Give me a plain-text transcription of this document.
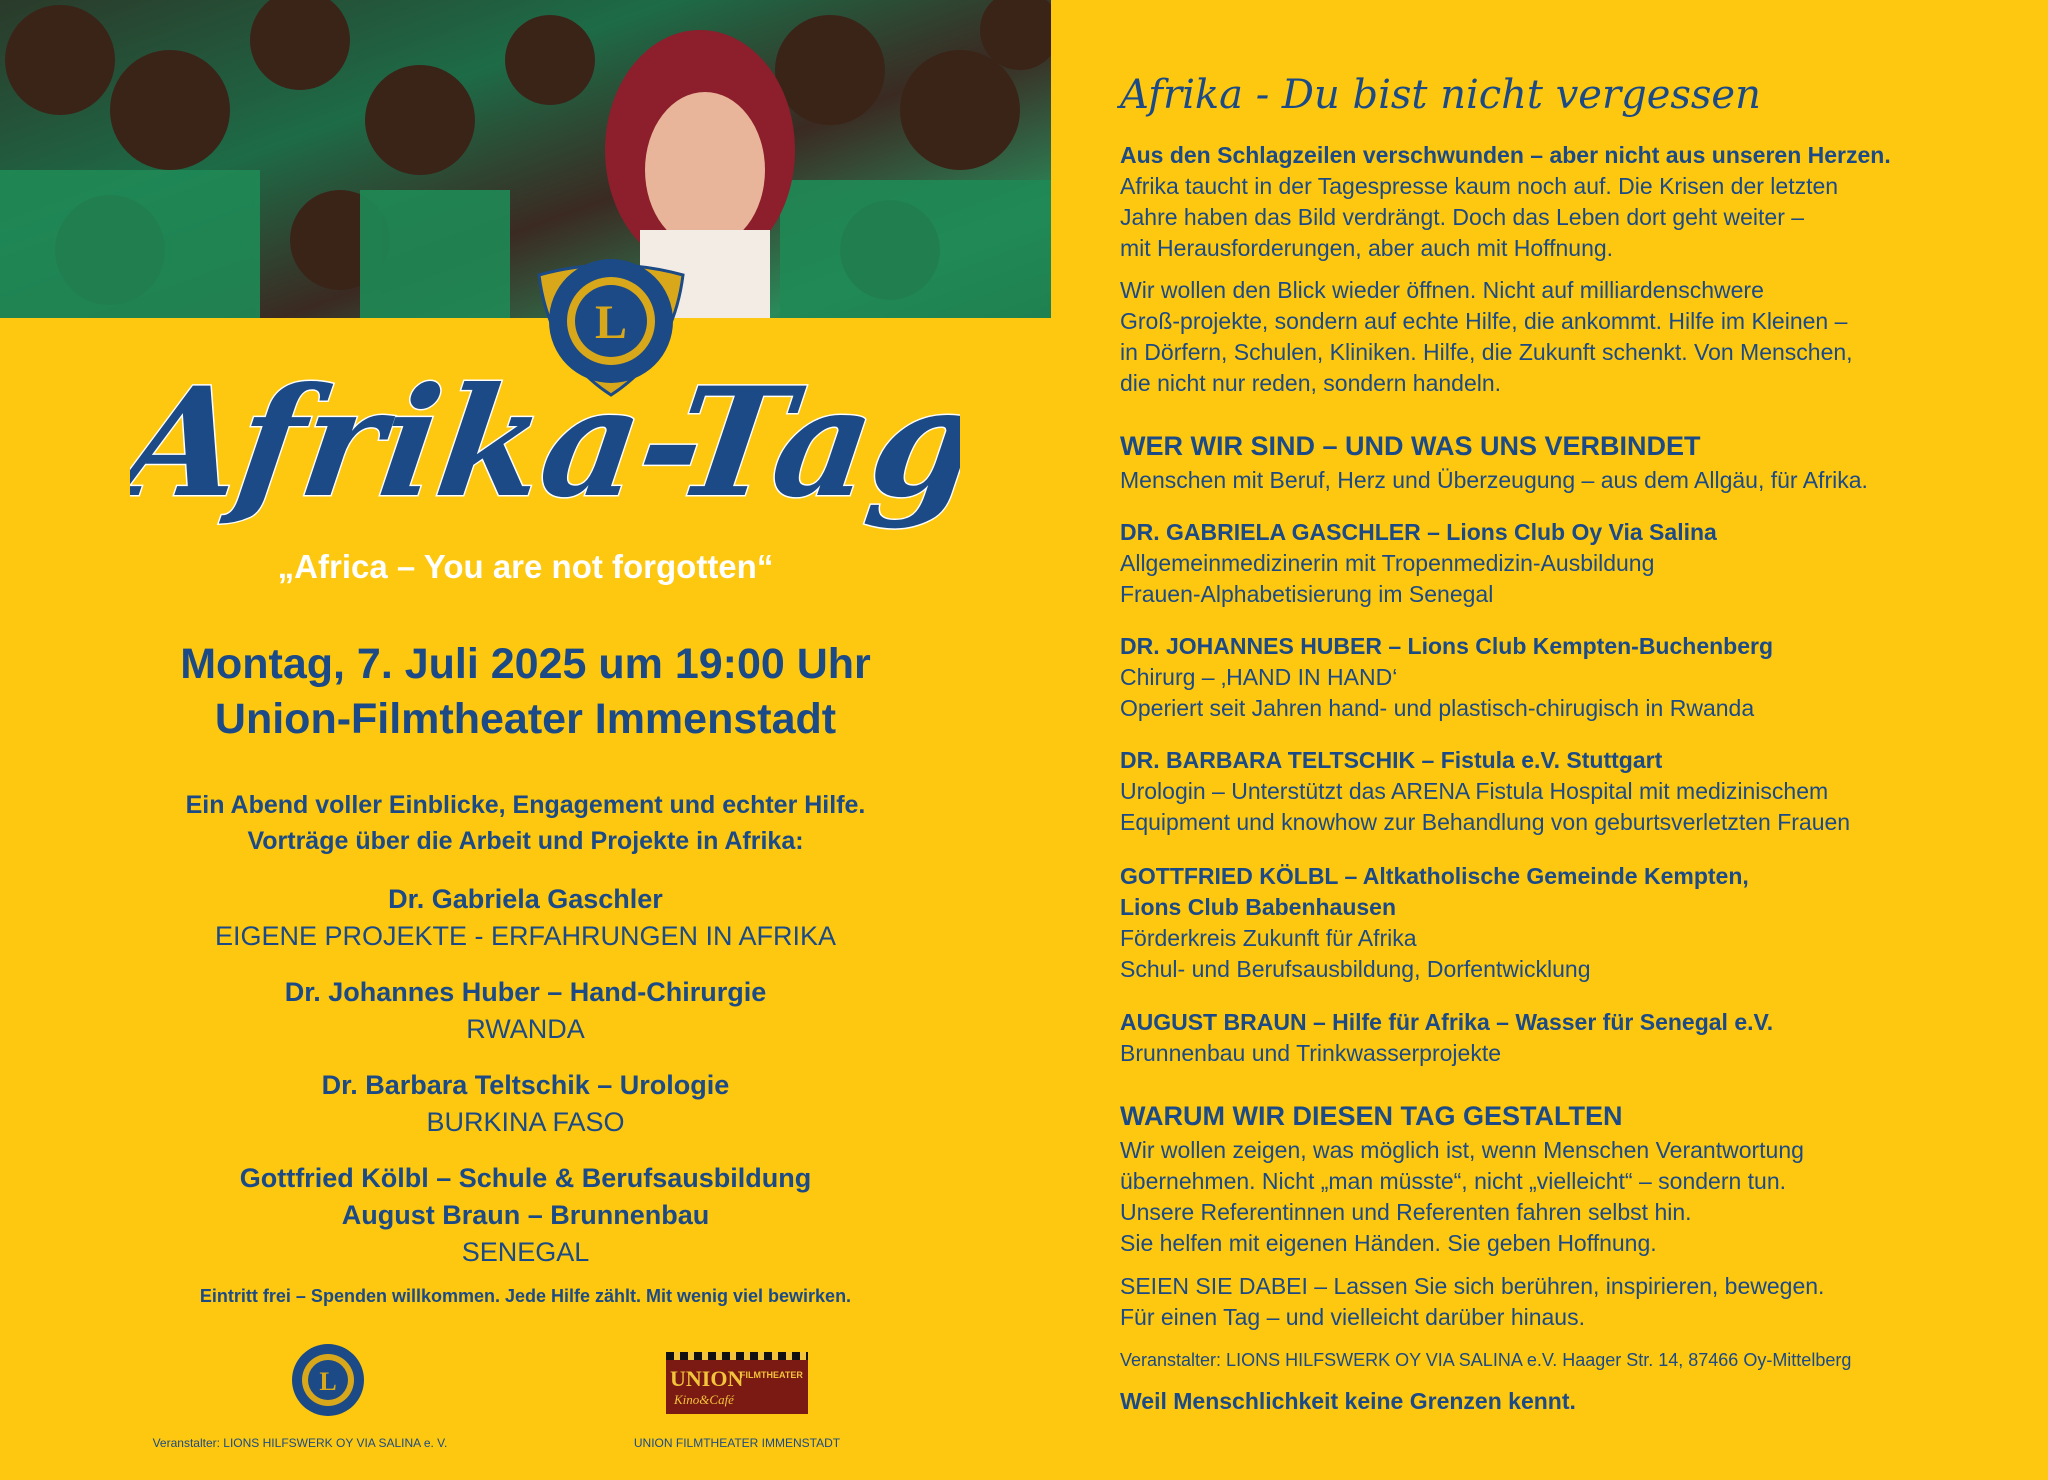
L
Afrika-Tag
„Africa – You are not forgotten“
Montag, 7. Juli 2025 um 19:00 Uhr
Union-Filmtheater Immenstadt
Ein Abend voller Einblicke, Engagement und echter Hilfe.
Vorträge über die Arbeit und Projekte in Afrika:
Dr. Gabriela Gaschler
EIGENE PROJEKTE - ERFAHRUNGEN IN AFRIKA
Dr. Johannes Huber – Hand-Chirurgie
RWANDA
Dr. Barbara Teltschik – Urologie
BURKINA FASO
Gottfried Kölbl – Schule & Berufsausbildung
August Braun – Brunnenbau
SENEGAL
Eintritt frei – Spenden willkommen. Jede Hilfe zählt. Mit wenig viel bewirken.
L	UNION
FILMTHEATER
Kino&Café
Veranstalter: LIONS HILFSWERK OY VIA SALINA e. V.	UNION FILMTHEATER IMMENSTADT
Afrika - Du bist nicht vergessen
Aus den Schlagzeilen verschwunden – aber nicht aus unseren Herzen.
Afrika taucht in der Tagespresse kaum noch auf. Die Krisen der letzten
Jahre haben das Bild verdrängt. Doch das Leben dort geht weiter –
mit Herausforderungen, aber auch mit Hoffnung.
Wir wollen den Blick wieder öffnen. Nicht auf milliardenschwere
Groß-projekte, sondern auf echte Hilfe, die ankommt. Hilfe im Kleinen –
in Dörfern, Schulen, Kliniken. Hilfe, die Zukunft schenkt. Von Menschen,
die nicht nur reden, sondern handeln.
WER WIR SIND – UND WAS UNS VERBINDET
Menschen mit Beruf, Herz und Überzeugung – aus dem Allgäu, für Afrika.
DR. GABRIELA GASCHLER – Lions Club Oy Via Salina
Allgemeinmedizinerin mit Tropenmedizin-Ausbildung
Frauen-Alphabetisierung im Senegal
DR. JOHANNES HUBER – Lions Club Kempten-Buchenberg
Chirurg – ‚HAND IN HAND‘
Operiert seit Jahren hand- und plastisch-chirugisch in Rwanda
DR. BARBARA TELTSCHIK – Fistula e.V. Stuttgart
Urologin – Unterstützt das ARENA Fistula Hospital mit medizinischem
Equipment und knowhow zur Behandlung von geburtsverletzten Frauen
GOTTFRIED KÖLBL – Altkatholische Gemeinde Kempten,
Lions Club Babenhausen
Förderkreis Zukunft für Afrika
Schul- und Berufsausbildung, Dorfentwicklung
AUGUST BRAUN – Hilfe für Afrika – Wasser für Senegal e.V.
Brunnenbau und Trinkwasserprojekte
WARUM WIR DIESEN TAG GESTALTEN
Wir wollen zeigen, was möglich ist, wenn Menschen Verantwortung
übernehmen. Nicht „man müsste“, nicht „vielleicht“ – sondern tun.
Unsere Referentinnen und Referenten fahren selbst hin.
Sie helfen mit eigenen Händen. Sie geben Hoffnung.
SEIEN SIE DABEI – Lassen Sie sich berühren, inspirieren, bewegen.
Für einen Tag – und vielleicht darüber hinaus.
Veranstalter: LIONS HILFSWERK OY VIA SALINA e.V. Haager Str. 14, 87466 Oy-Mittelberg
Weil Menschlichkeit keine Grenzen kennt.
